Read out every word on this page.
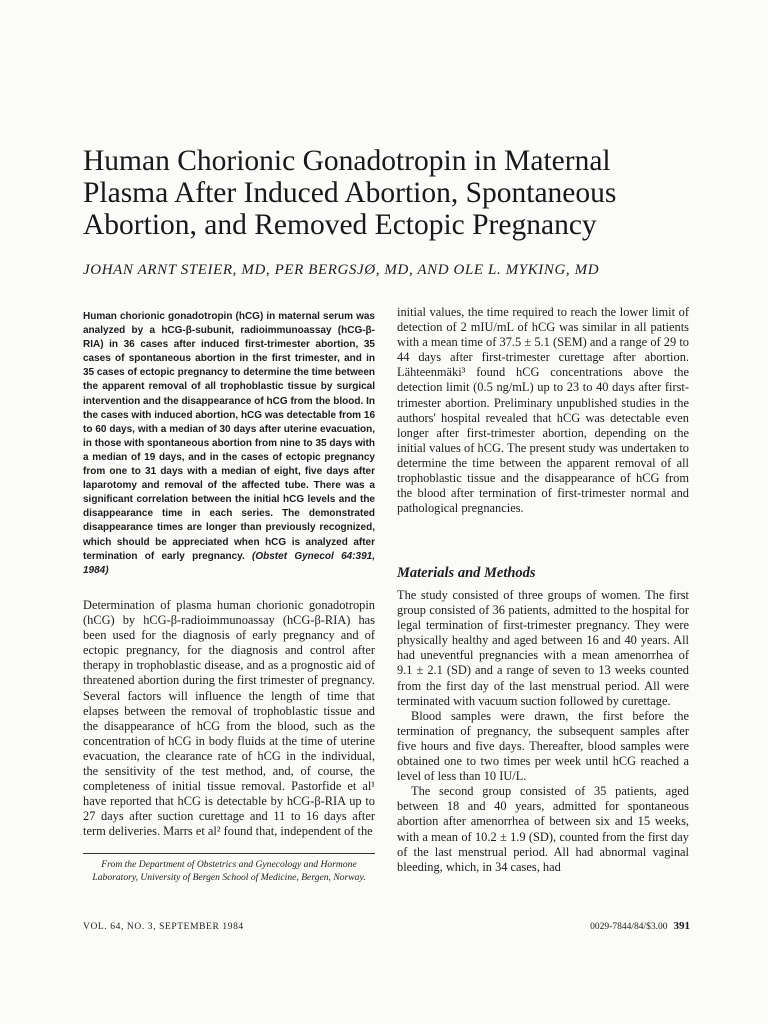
Human Chorionic Gonadotropin in Maternal Plasma After Induced Abortion, Spontaneous Abortion, and Removed Ectopic Pregnancy

JOHAN ARNT STEIER, MD, PER BERGSJØ, MD, AND OLE L. MYKING, MD

Human chorionic gonadotropin (hCG) in maternal serum was analyzed by a hCG-β-subunit, radioimmunoassay (hCG-β-RIA) in 36 cases after induced first-trimester abortion, 35 cases of spontaneous abortion in the first trimester, and in 35 cases of ectopic pregnancy to determine the time between the apparent removal of all trophoblastic tissue by surgical intervention and the disappearance of hCG from the blood. In the cases with induced abortion, hCG was detectable from 16 to 60 days, with a median of 30 days after uterine evacuation, in those with spontaneous abortion from nine to 35 days with a median of 19 days, and in the cases of ectopic pregnancy from one to 31 days with a median of eight, five days after laparotomy and removal of the affected tube. There was a significant correlation between the initial hCG levels and the disappearance time in each series. The demonstrated disappearance times are longer than previously recognized, which should be appreciated when hCG is analyzed after termination of early pregnancy. (Obstet Gynecol 64:391, 1984)

Determination of plasma human chorionic gonadotropin (hCG) by hCG-β-radioimmunoassay (hCG-β-RIA) has been used for the diagnosis of early pregnancy and of ectopic pregnancy, for the diagnosis and control after therapy in trophoblastic disease, and as a prognostic aid of threatened abortion during the first trimester of pregnancy. Several factors will influence the length of time that elapses between the removal of trophoblastic tissue and the disappearance of hCG from the blood, such as the concentration of hCG in body fluids at the time of uterine evacuation, the clearance rate of hCG in the individual, the sensitivity of the test method, and, of course, the completeness of initial tissue removal. Pastorfide et al¹ have reported that hCG is detectable by hCG-β-RIA up to 27 days after suction curettage and 11 to 16 days after term deliveries. Marrs et al² found that, independent of the

From the Department of Obstetrics and Gynecology and Hormone Laboratory, University of Bergen School of Medicine, Bergen, Norway.

initial values, the time required to reach the lower limit of detection of 2 mIU/mL of hCG was similar in all patients with a mean time of 37.5 ± 5.1 (SEM) and a range of 29 to 44 days after first-trimester curettage after abortion. Lähteenmäki³ found hCG concentrations above the detection limit (0.5 ng/mL) up to 23 to 40 days after first-trimester abortion. Preliminary unpublished studies in the authors' hospital revealed that hCG was detectable even longer after first-trimester abortion, depending on the initial values of hCG. The present study was undertaken to determine the time between the apparent removal of all trophoblastic tissue and the disappearance of hCG from the blood after termination of first-trimester normal and pathological pregnancies.

Materials and Methods

The study consisted of three groups of women. The first group consisted of 36 patients, admitted to the hospital for legal termination of first-trimester pregnancy. They were physically healthy and aged between 16 and 40 years. All had uneventful pregnancies with a mean amenorrhea of 9.1 ± 2.1 (SD) and a range of seven to 13 weeks counted from the first day of the last menstrual period. All were terminated with vacuum suction followed by curettage.

Blood samples were drawn, the first before the termination of pregnancy, the subsequent samples after five hours and five days. Thereafter, blood samples were obtained one to two times per week until hCG reached a level of less than 10 IU/L.

The second group consisted of 35 patients, aged between 18 and 40 years, admitted for spontaneous abortion after amenorrhea of between six and 15 weeks, with a mean of 10.2 ± 1.9 (SD), counted from the first day of the last menstrual period. All had abnormal vaginal bleeding, which, in 34 cases, had

VOL. 64, NO. 3, SEPTEMBER 1984	0029-7844/84/$3.00 391
